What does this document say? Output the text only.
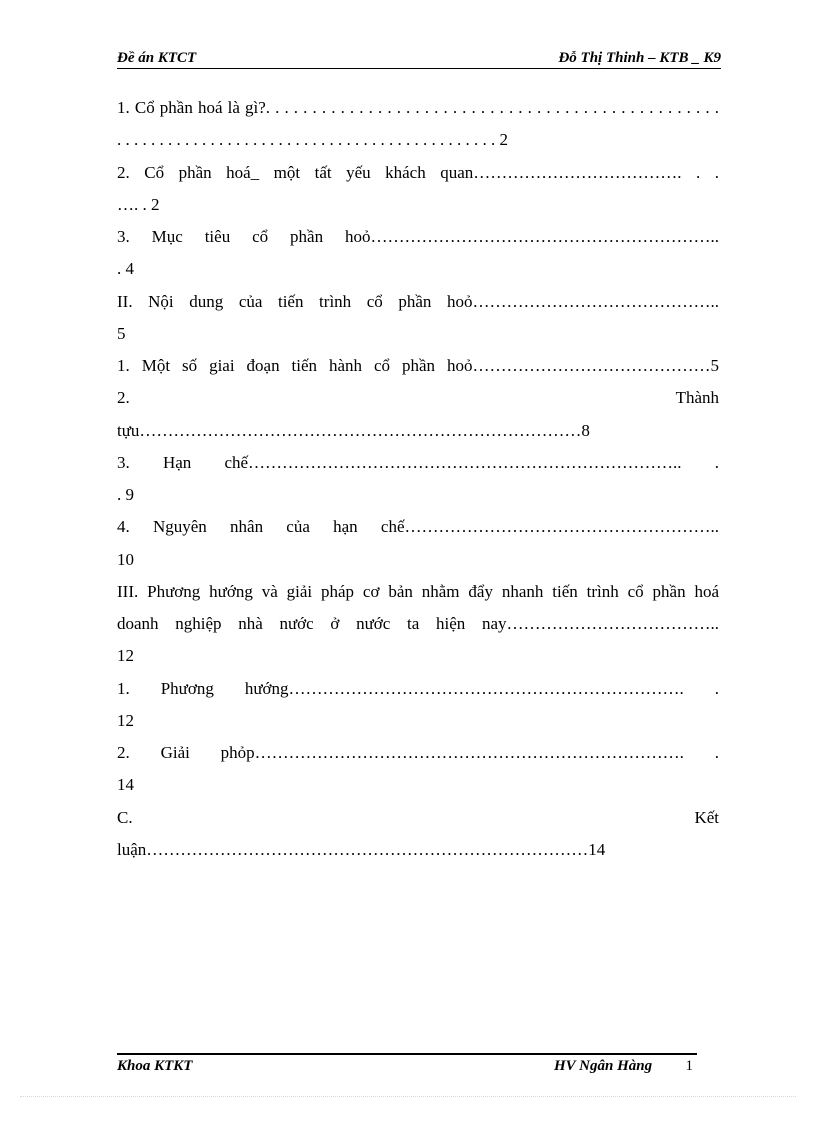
Đề án KTCT	Đỗ Thị Thinh – KTB _ K9
1. Cổ phần hoá là gì?. . . . . . . . . . . . . . . . . . . . . . . . . . . . . . . . . . . . . . . . . . . . . . . . .
. . . . . . . . . . . . . . . . . . . . . . . . . . . . . . . . . . . . . . . . . . . . . 2
2. Cổ phần hoá_ một tất yếu khách quan………………………………. . .
…. . 2
3. Mục tiêu cổ phần hoỏ……………………………………………………..
. 4
II. Nội dung của tiến trình cổ phần hoỏ……………………………………..
5
1. Một số giai đoạn tiến hành cổ phần hoỏ……………………………………5
2. Thành
tựu……………………………………………………………………8
3. Hạn chế………………………………………………………………….. .
. 9
4. Nguyên nhân của hạn chế………………………………………………..
10
III. Phương hướng và giải pháp cơ bản nhằm đẩy nhanh tiến trình cổ phần hoá
doanh nghiệp nhà nước ở nước ta hiện nay………………………………..
12
1. Phương hướng……………………………………………………………. .
12
2. Giải phỏp…………………………………………………………………. .
14
C. Kết
luận……………………………………………………………………14
Khoa KTKT	HV Ngân Hàng 1
